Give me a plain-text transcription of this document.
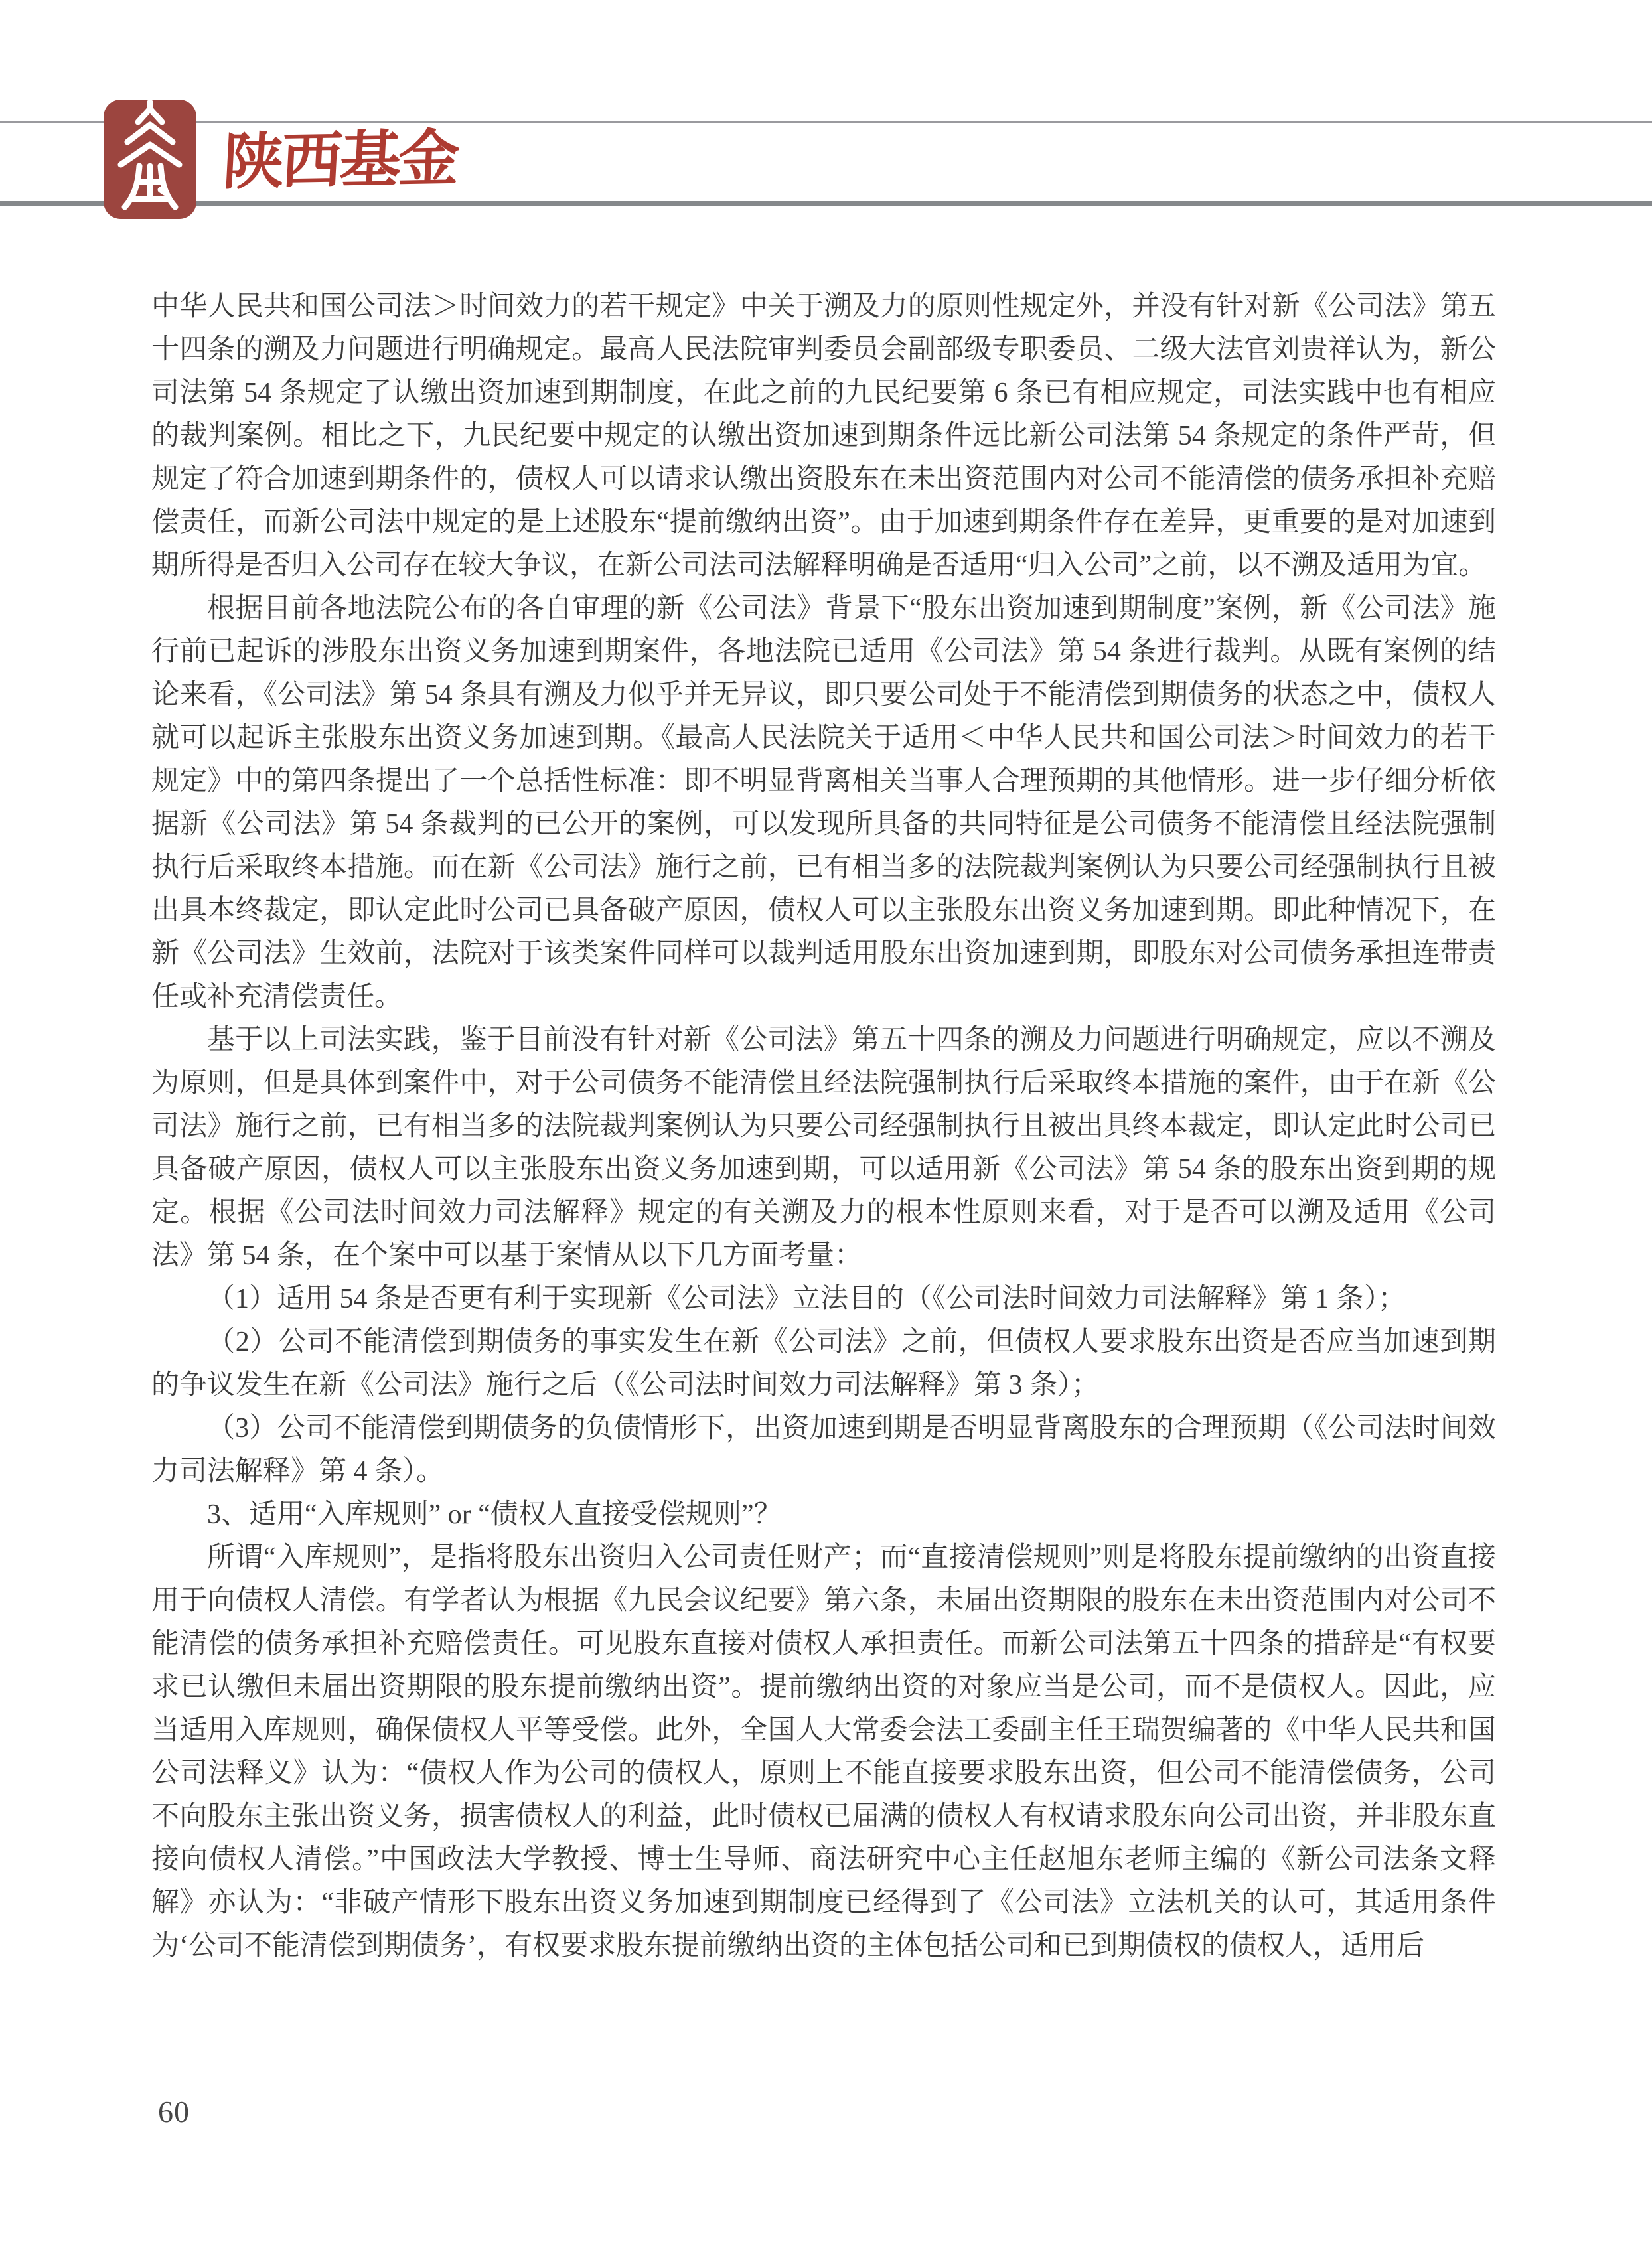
陕西基金

中华人民共和国公司法＞时间效力的若干规定》中关于溯及力的原则性规定外，并没有针对新《公司法》第五十四条的溯及力问题进行明确规定。最高人民法院审判委员会副部级专职委员、二级大法官刘贵祥认为，新公司法第 54 条规定了认缴出资加速到期制度，在此之前的九民纪要第 6 条已有相应规定，司法实践中也有相应的裁判案例。相比之下，九民纪要中规定的认缴出资加速到期条件远比新公司法第 54 条规定的条件严苛，但规定了符合加速到期条件的，债权人可以请求认缴出资股东在未出资范围内对公司不能清偿的债务承担补充赔偿责任，而新公司法中规定的是上述股东“提前缴纳出资”。由于加速到期条件存在差异，更重要的是对加速到期所得是否归入公司存在较大争议，在新公司法司法解释明确是否适用“归入公司”之前，以不溯及适用为宜。

根据目前各地法院公布的各自审理的新《公司法》背景下“股东出资加速到期制度”案例，新《公司法》施行前已起诉的涉股东出资义务加速到期案件，各地法院已适用《公司法》第 54 条进行裁判。从既有案例的结论来看，《公司法》第 54 条具有溯及力似乎并无异议，即只要公司处于不能清偿到期债务的状态之中，债权人就可以起诉主张股东出资义务加速到期。《最高人民法院关于适用＜中华人民共和国公司法＞时间效力的若干规定》中的第四条提出了一个总括性标准：即不明显背离相关当事人合理预期的其他情形。进一步仔细分析依据新《公司法》第 54 条裁判的已公开的案例，可以发现所具备的共同特征是公司债务不能清偿且经法院强制执行后采取终本措施。而在新《公司法》施行之前，已有相当多的法院裁判案例认为只要公司经强制执行且被出具本终裁定，即认定此时公司已具备破产原因，债权人可以主张股东出资义务加速到期。即此种情况下，在新《公司法》生效前，法院对于该类案件同样可以裁判适用股东出资加速到期，即股东对公司债务承担连带责任或补充清偿责任。

基于以上司法实践，鉴于目前没有针对新《公司法》第五十四条的溯及力问题进行明确规定，应以不溯及为原则，但是具体到案件中，对于公司债务不能清偿且经法院强制执行后采取终本措施的案件，由于在新《公司法》施行之前，已有相当多的法院裁判案例认为只要公司经强制执行且被出具终本裁定，即认定此时公司已具备破产原因，债权人可以主张股东出资义务加速到期，可以适用新《公司法》第 54 条的股东出资到期的规定。根据《公司法时间效力司法解释》规定的有关溯及力的根本性原则来看，对于是否可以溯及适用《公司法》第 54 条，在个案中可以基于案情从以下几方面考量：

（1）适用 54 条是否更有利于实现新《公司法》立法目的（《公司法时间效力司法解释》第 1 条）；

（2）公司不能清偿到期债务的事实发生在新《公司法》之前，但债权人要求股东出资是否应当加速到期的争议发生在新《公司法》施行之后（《公司法时间效力司法解释》第 3 条）；

（3）公司不能清偿到期债务的负债情形下，出资加速到期是否明显背离股东的合理预期（《公司法时间效力司法解释》第 4 条）。

3、适用“入库规则” or “债权人直接受偿规则”？

所谓“入库规则”，是指将股东出资归入公司责任财产；而“直接清偿规则”则是将股东提前缴纳的出资直接用于向债权人清偿。有学者认为根据《九民会议纪要》第六条，未届出资期限的股东在未出资范围内对公司不能清偿的债务承担补充赔偿责任。可见股东直接对债权人承担责任。而新公司法第五十四条的措辞是“有权要求已认缴但未届出资期限的股东提前缴纳出资”。提前缴纳出资的对象应当是公司，而不是债权人。因此，应当适用入库规则，确保债权人平等受偿。此外，全国人大常委会法工委副主任王瑞贺编著的《中华人民共和国公司法释义》认为：“债权人作为公司的债权人，原则上不能直接要求股东出资，但公司不能清偿债务，公司不向股东主张出资义务，损害债权人的利益，此时债权已届满的债权人有权请求股东向公司出资，并非股东直接向债权人清偿。”中国政法大学教授、博士生导师、商法研究中心主任赵旭东老师主编的《新公司法条文释解》亦认为：“非破产情形下股东出资义务加速到期制度已经得到了《公司法》立法机关的认可，其适用条件为‘公司不能清偿到期债务’，有权要求股东提前缴纳出资的主体包括公司和已到期债权的债权人，适用后

60
